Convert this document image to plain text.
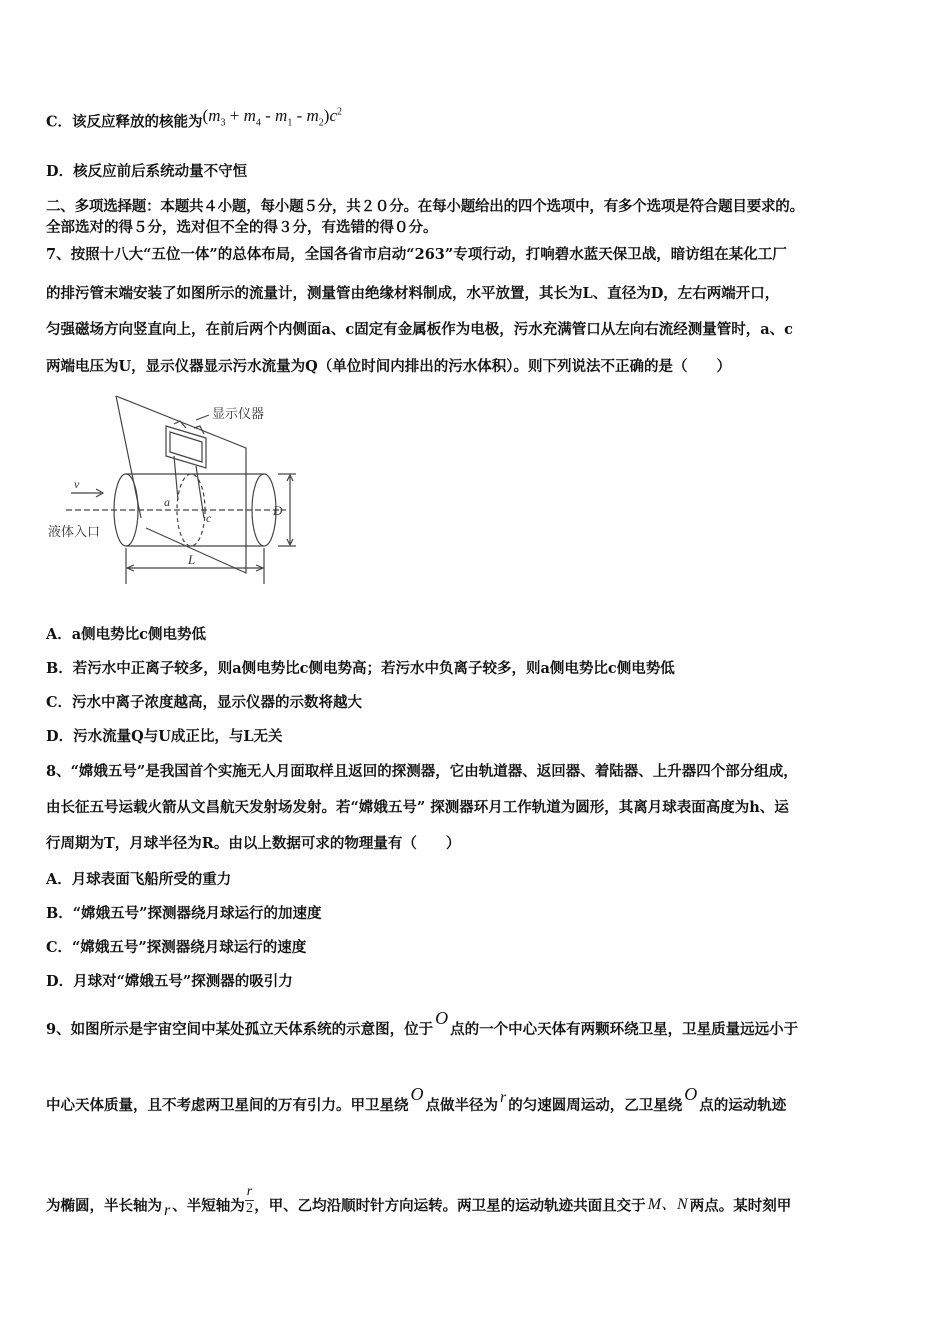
C．该反应释放的核能为$(m_3 + m_4 - m_1 - m_2)c^2$
D．核反应前后系统动量不守恒
二、多项选择题：本题共４小题，每小题５分，共２０分。在每小题给出的四个选项中，有多个选项是符合题目要求的。
全部选对的得５分，选对但不全的得３分，有选错的得０分。
7、按照十八大“五位一体”的总体布局，全国各省市启动“263”专项行动，打响碧水蓝天保卫战，暗访组在某化工厂
的排污管末端安装了如图所示的流量计，测量管由绝缘材料制成，水平放置，其长为L、直径为D，左右两端开口，
匀强磁场方向竖直向上，在前后两个内侧面a、c固定有金属板作为电极，污水充满管口从左向右流经测量管时，a、c
两端电压为U，显示仪器显示污水流量为Q（单位时间内排出的污水体积）。则下列说法不正确的是（　　）
显示仪器
液体入口
v
a
c	D
L
A．a侧电势比c侧电势低
B．若污水中正离子较多，则a侧电势比c侧电势高；若污水中负离子较多，则a侧电势比c侧电势低
C．污水中离子浓度越高，显示仪器的示数将越大
D．污水流量Q与U成正比，与L无关
8、“嫦娥五号”是我国首个实施无人月面取样且返回的探测器，它由轨道器、返回器、着陆器、上升器四个部分组成，
由长征五号运载火箭从文昌航天发射场发射。若“嫦娥五号” 探测器环月工作轨道为圆形，其离月球表面高度为h、运
行周期为T，月球半径为R。由以上数据可求的物理量有（　　）
A．月球表面飞船所受的重力
B．“嫦娥五号”探测器绕月球运行的加速度
C．“嫦娥五号”探测器绕月球运行的速度
D．月球对“嫦娥五号”探测器的吸引力
9、如图所示是宇宙空间中某处孤立天体系统的示意图，位于O点的一个中心天体有两颗环绕卫星，卫星质量远远小于
中心天体质量，且不考虑两卫星间的万有引力。甲卫星绕O点做半径为 r 的匀速圆周运动，乙卫星绕O点的运动轨迹
为椭圆，半长轴为 r 、半短轴为 $\frac{r}{2}$ ，甲、乙均沿顺时针方向运转。两卫星的运动轨迹共面且交于 M、N 两点。某时刻甲
